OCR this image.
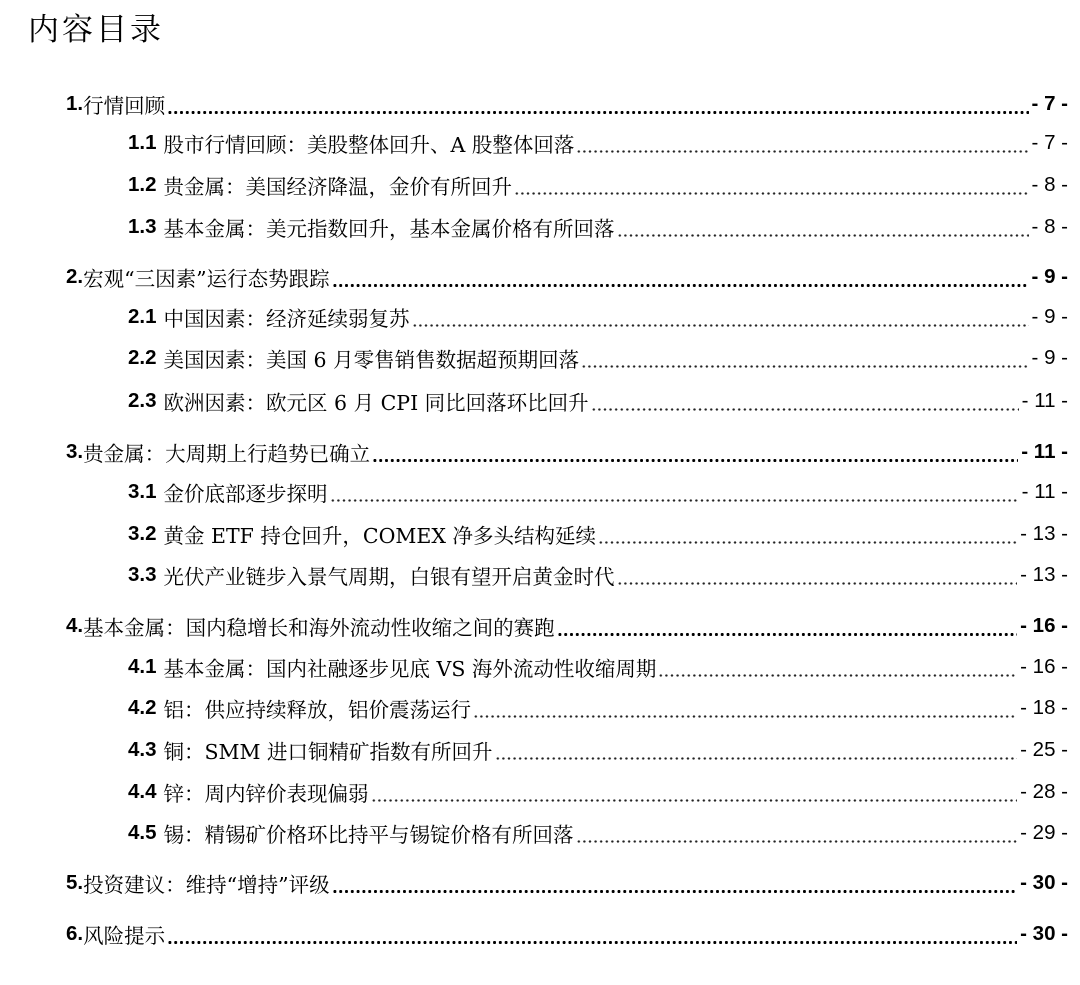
内容目录
1. 行情回顾	- 7 -
1.1 股市行情回顾：美股整体回升、A 股整体回落	- 7 -
1.2 贵金属：美国经济降温，金价有所回升	- 8 -
1.3 基本金属：美元指数回升，基本金属价格有所回落	- 8 -
2. 宏观“三因素”运行态势跟踪	- 9 -
2.1 中国因素：经济延续弱复苏	- 9 -
2.2 美国因素：美国 6 月零售销售数据超预期回落	- 9 -
2.3 欧洲因素：欧元区 6 月 CPI 同比回落环比回升	- 11 -
3. 贵金属：大周期上行趋势已确立	- 11 -
3.1 金价底部逐步探明	- 11 -
3.2 黄金 ETF 持仓回升，COMEX 净多头结构延续	- 13 -
3.3 光伏产业链步入景气周期，白银有望开启黄金时代	- 13 -
4. 基本金属：国内稳增长和海外流动性收缩之间的赛跑	- 16 -
4.1 基本金属：国内社融逐步见底 VS 海外流动性收缩周期	- 16 -
4.2 铝：供应持续释放，铝价震荡运行	- 18 -
4.3 铜：SMM 进口铜精矿指数有所回升	- 25 -
4.4 锌：周内锌价表现偏弱	- 28 -
4.5 锡：精锡矿价格环比持平与锡锭价格有所回落	- 29 -
5. 投资建议：维持“增持”评级	- 30 -
6. 风险提示	- 30 -
